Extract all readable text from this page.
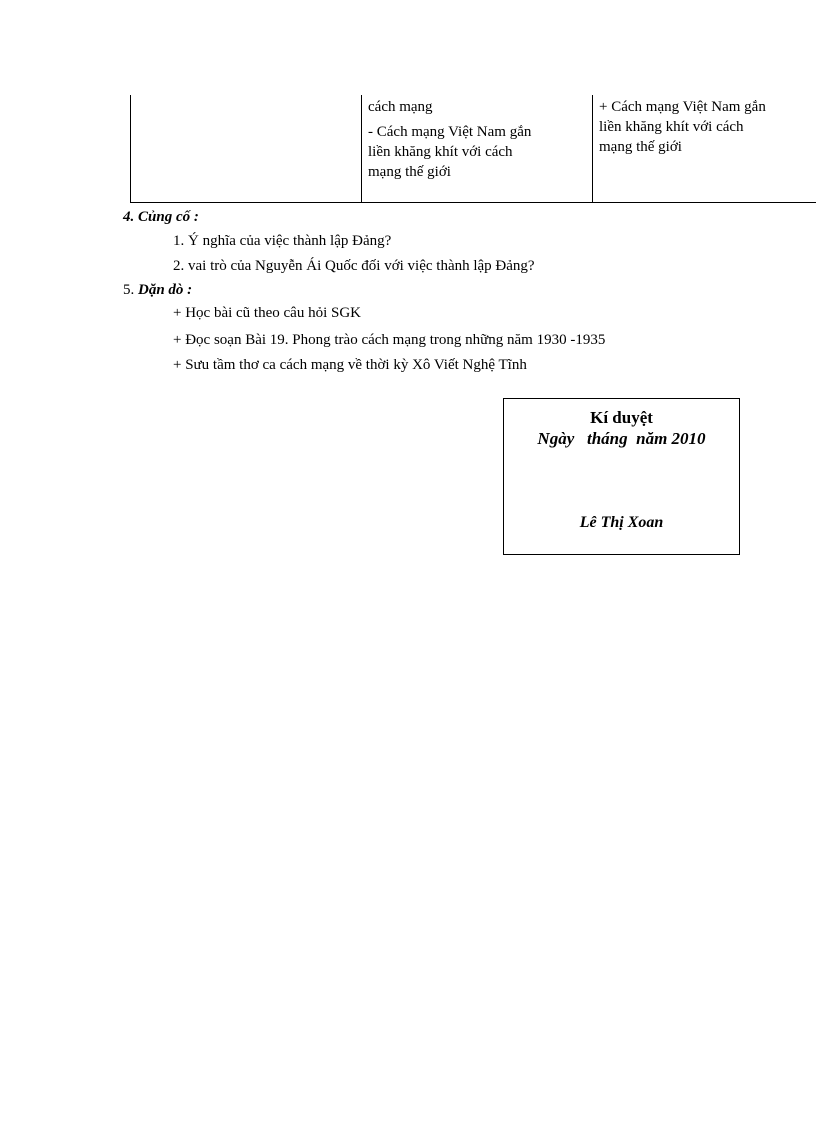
cách mạng

- Cách mạng Việt Nam gắn

liền khăng khít với cách

mạng thế giới

+ Cách mạng Việt Nam gắn

liền khăng khít với cách

mạng thế giới

4. Củng cố :
1. Ý nghĩa của việc thành lập Đảng?
2. vai trò của Nguyễn Ái Quốc đối với việc thành lập Đảng?
5. Dặn dò :
+ Học bài cũ theo câu hỏi SGK
+ Đọc soạn Bài 19. Phong trào cách mạng trong những năm 1930 -1935
+ Sưu tầm thơ ca cách mạng về thời kỳ Xô Viết Nghệ Tĩnh
Kí duyệt
Ngày   tháng  năm 2010
Lê Thị Xoan
